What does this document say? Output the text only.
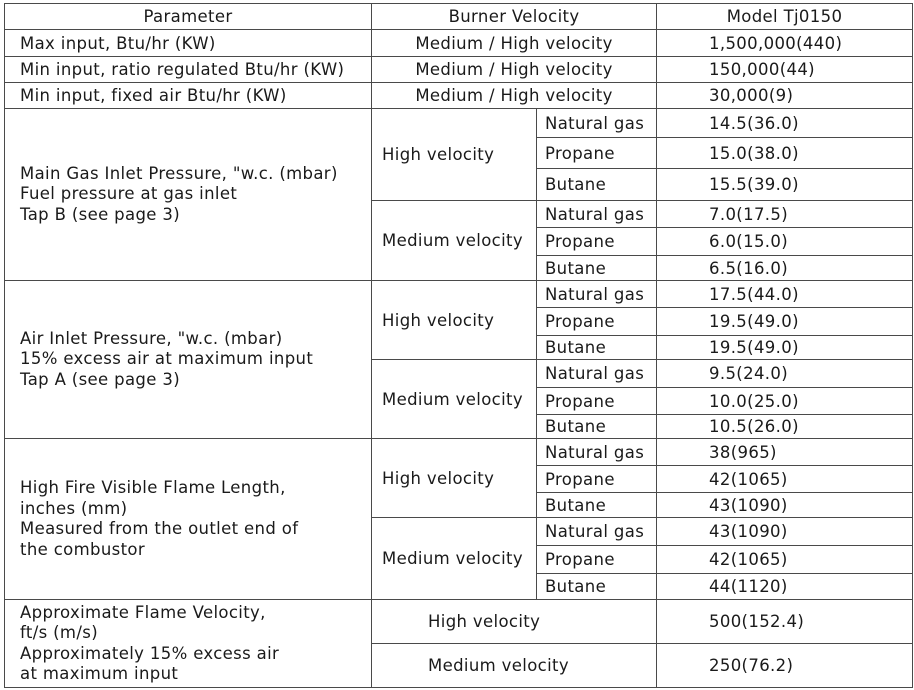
Parameter	Burner Velocity		Model Tj0150
Max input, Btu/hr (KW)	Medium / High velocity		1,500,000(440)
Min input, ratio regulated Btu/hr (KW)	Medium / High velocity		150,000(44)
Min input, fixed air Btu/hr (KW)	Medium / High velocity		30,000(9)

Main Gas Inlet Pressure, "w.c. (mbar)
Fuel pressure at gas inlet
Tap B (see page 3)	High velocity	Natural gas	14.5(36.0)
		Propane	15.0(38.0)
		Butane	15.5(39.0)
	Medium velocity	Natural gas	7.0(17.5)
		Propane	6.0(15.0)
		Butane	6.5(16.0)

Air Inlet Pressure, "w.c. (mbar)
15% excess air at maximum input
Tap A (see page 3)	High velocity	Natural gas	17.5(44.0)
		Propane	19.5(49.0)
		Butane	19.5(49.0)
	Medium velocity	Natural gas	9.5(24.0)
		Propane	10.0(25.0)
		Butane	10.5(26.0)

High Fire Visible Flame Length,
inches (mm)
Measured from the outlet end of
the combustor	High velocity	Natural gas	38(965)
		Propane	42(1065)
		Butane	43(1090)
	Medium velocity	Natural gas	43(1090)
		Propane	42(1065)
		Butane	44(1120)

Approximate Flame Velocity,
ft/s (m/s)
Approximately 15% excess air
at maximum input	High velocity		500(152.4)
	Medium velocity		250(76.2)
